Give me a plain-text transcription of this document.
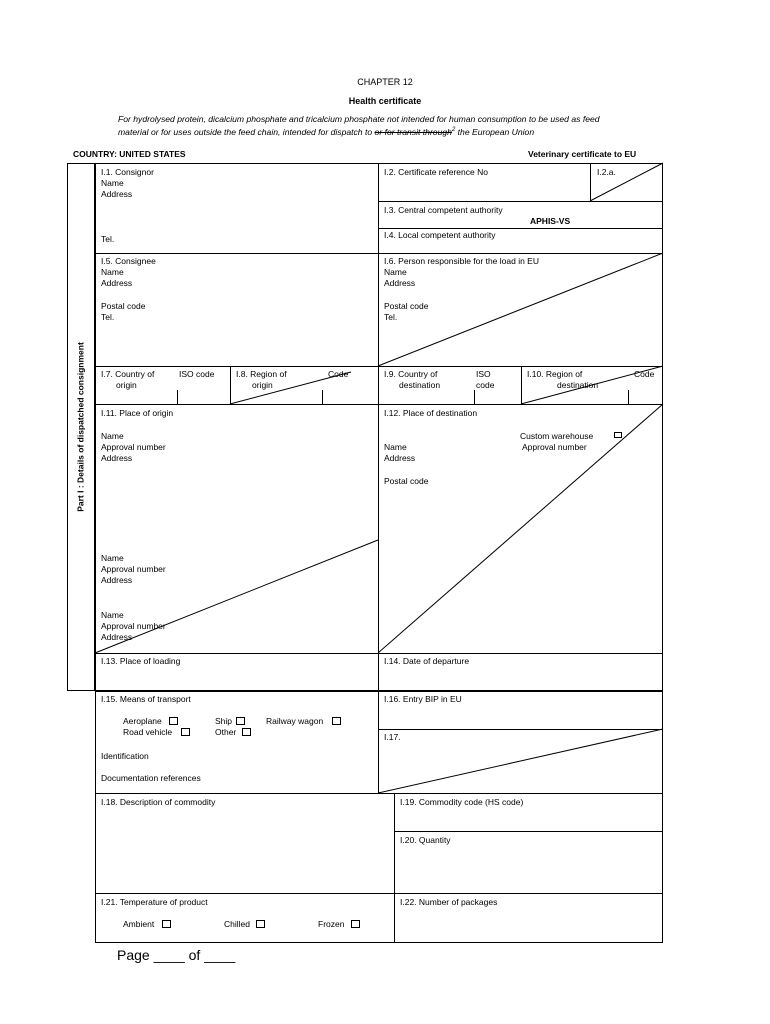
CHAPTER 12
Health certificate
For hydrolysed protein, dicalcium phosphate and tricalcium phosphate not intended for human consumption to be used as feed
material or for uses outside the feed chain, intended for dispatch to or for transit through$^2$ the European Union
COUNTRY: UNITED STATES	Veterinary certificate to EU
Part I : Details of dispatched consignment
I.1. Consignor
Name
Address
Tel.
I.2. Certificate reference No	I.2.a.
I.3. Central competent authority
APHIS-VS
I.4. Local competent authority
I.5. Consignee
Name
Address
Postal code
Tel.
I.6. Person responsible for the load in EU
Name
Address
Postal code
Tel.
I.7. Country of
origin
ISO code	I.8. Region of
origin
Code	I.9. Country of
destination
ISO
code
I.10. Region of
destination
Code
I.11. Place of origin
Name
Approval number
Address
Name
Approval number
Address
Name
Approval number
Address
I.12. Place of destination
Custom warehouse
Approval number
Name
Address
Postal code
I.13. Place of loading	I.14. Date of departure
I.15. Means of transport
Aeroplane	Ship	Railway wagon
Road vehicle	Other
Identification
Documentation references
I.16. Entry BIP in EU
I.17.
I.18. Description of commodity	I.19. Commodity code (HS code)
I.20. Quantity
I.21. Temperature of product
Ambient	Chilled	Frozen
I.22. Number of packages
Page ____ of ____
